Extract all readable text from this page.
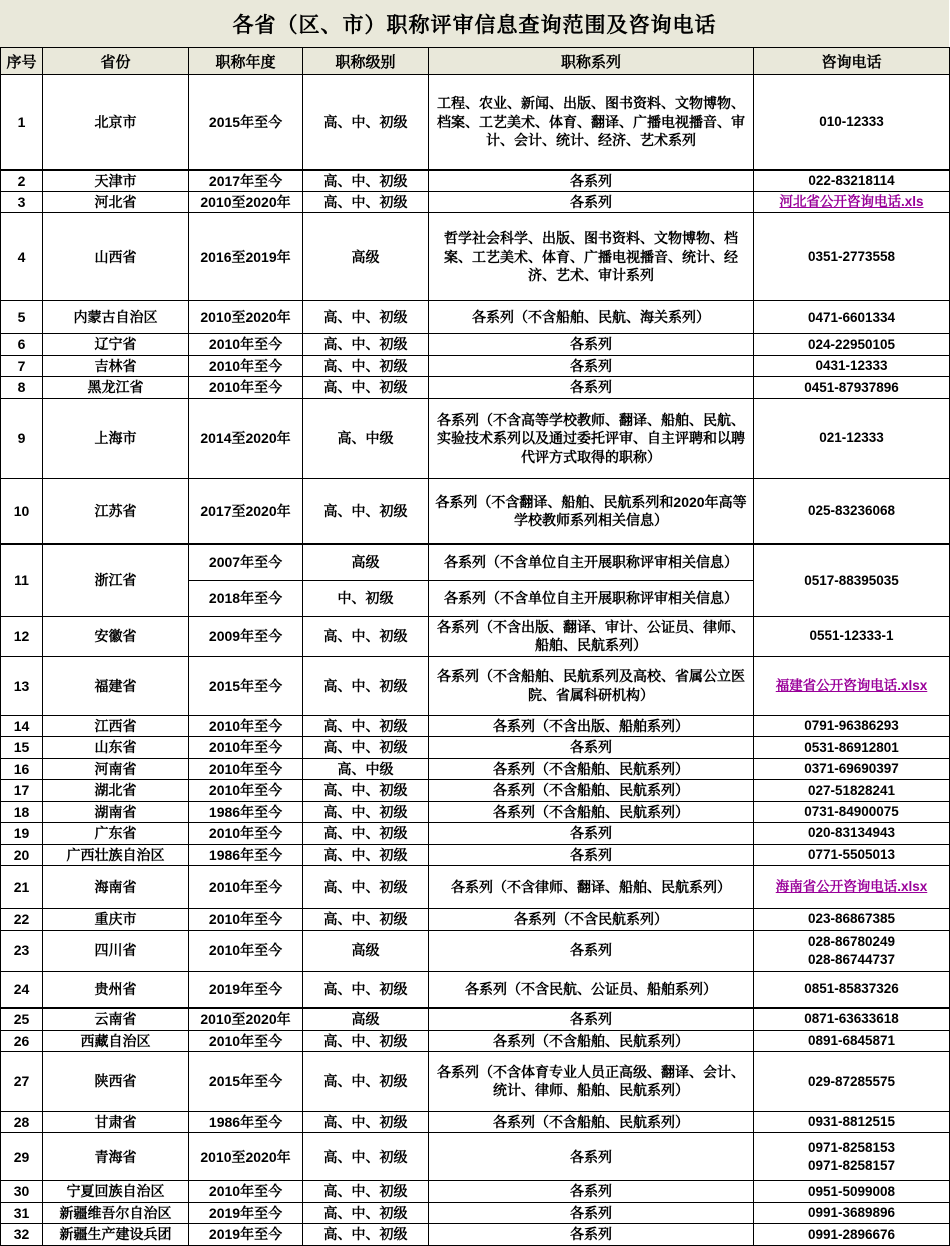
各省（区、市）职称评审信息查询范围及咨询电话
序号	省份	职称年度	职称级别	职称系列	咨询电话
1	北京市	2015年至今	高、中、初级	工程、农业、新闻、出版、图书资料、文物博物、档案、工艺美术、体育、翻译、广播电视播音、审计、会计、统计、经济、艺术系列	010-12333
2	天津市	2017年至今	高、中、初级	各系列	022-83218114
3	河北省	2010至2020年	高、中、初级	各系列	河北省公开咨询电话.xls
4	山西省	2016至2019年	高级	哲学社会科学、出版、图书资料、文物博物、档案、工艺美术、体育、广播电视播音、统计、经济、艺术、审计系列	0351-2773558
5	内蒙古自治区	2010至2020年	高、中、初级	各系列（不含船舶、民航、海关系列）	0471-6601334
6	辽宁省	2010年至今	高、中、初级	各系列	024-22950105
7	吉林省	2010年至今	高、中、初级	各系列	0431-12333
8	黑龙江省	2010年至今	高、中、初级	各系列	0451-87937896
9	上海市	2014至2020年	高、中级	各系列（不含高等学校教师、翻译、船舶、民航、实验技术系列以及通过委托评审、自主评聘和以聘代评方式取得的职称）	021-12333
10	江苏省	2017至2020年	高、中、初级	各系列（不含翻译、船舶、民航系列和2020年高等学校教师系列相关信息）	025-83236068
11	浙江省	2007年至今	高级	各系列（不含单位自主开展职称评审相关信息）	0517-88395035
		2018年至今	中、初级	各系列（不含单位自主开展职称评审相关信息）	
12	安徽省	2009年至今	高、中、初级	各系列（不含出版、翻译、审计、公证员、律师、船舶、民航系列）	0551-12333-1
13	福建省	2015年至今	高、中、初级	各系列（不含船舶、民航系列及高校、省属公立医院、省属科研机构）	福建省公开咨询电话.xlsx
14	江西省	2010年至今	高、中、初级	各系列（不含出版、船舶系列）	0791-96386293
15	山东省	2010年至今	高、中、初级	各系列	0531-86912801
16	河南省	2010年至今	高、中级	各系列（不含船舶、民航系列）	0371-69690397
17	湖北省	2010年至今	高、中、初级	各系列（不含船舶、民航系列）	027-51828241
18	湖南省	1986年至今	高、中、初级	各系列（不含船舶、民航系列）	0731-84900075
19	广东省	2010年至今	高、中、初级	各系列	020-83134943
20	广西壮族自治区	1986年至今	高、中、初级	各系列	0771-5505013
21	海南省	2010年至今	高、中、初级	各系列（不含律师、翻译、船舶、民航系列）	海南省公开咨询电话.xlsx
22	重庆市	2010年至今	高、中、初级	各系列（不含民航系列）	023-86867385
23	四川省	2010年至今	高级	各系列	028-86780249
028-86744737
24	贵州省	2019年至今	高、中、初级	各系列（不含民航、公证员、船舶系列）	0851-85837326
25	云南省	2010至2020年	高级	各系列	0871-63633618
26	西藏自治区	2010年至今	高、中、初级	各系列（不含船舶、民航系列）	0891-6845871
27	陕西省	2015年至今	高、中、初级	各系列（不含体育专业人员正高级、翻译、会计、统计、律师、船舶、民航系列）	029-87285575
28	甘肃省	1986年至今	高、中、初级	各系列（不含船舶、民航系列）	0931-8812515
29	青海省	2010至2020年	高、中、初级	各系列	0971-8258153
0971-8258157
30	宁夏回族自治区	2010年至今	高、中、初级	各系列	0951-5099008
31	新疆维吾尔自治区	2019年至今	高、中、初级	各系列	0991-3689896
32	新疆生产建设兵团	2019年至今	高、中、初级	各系列	0991-2896676
